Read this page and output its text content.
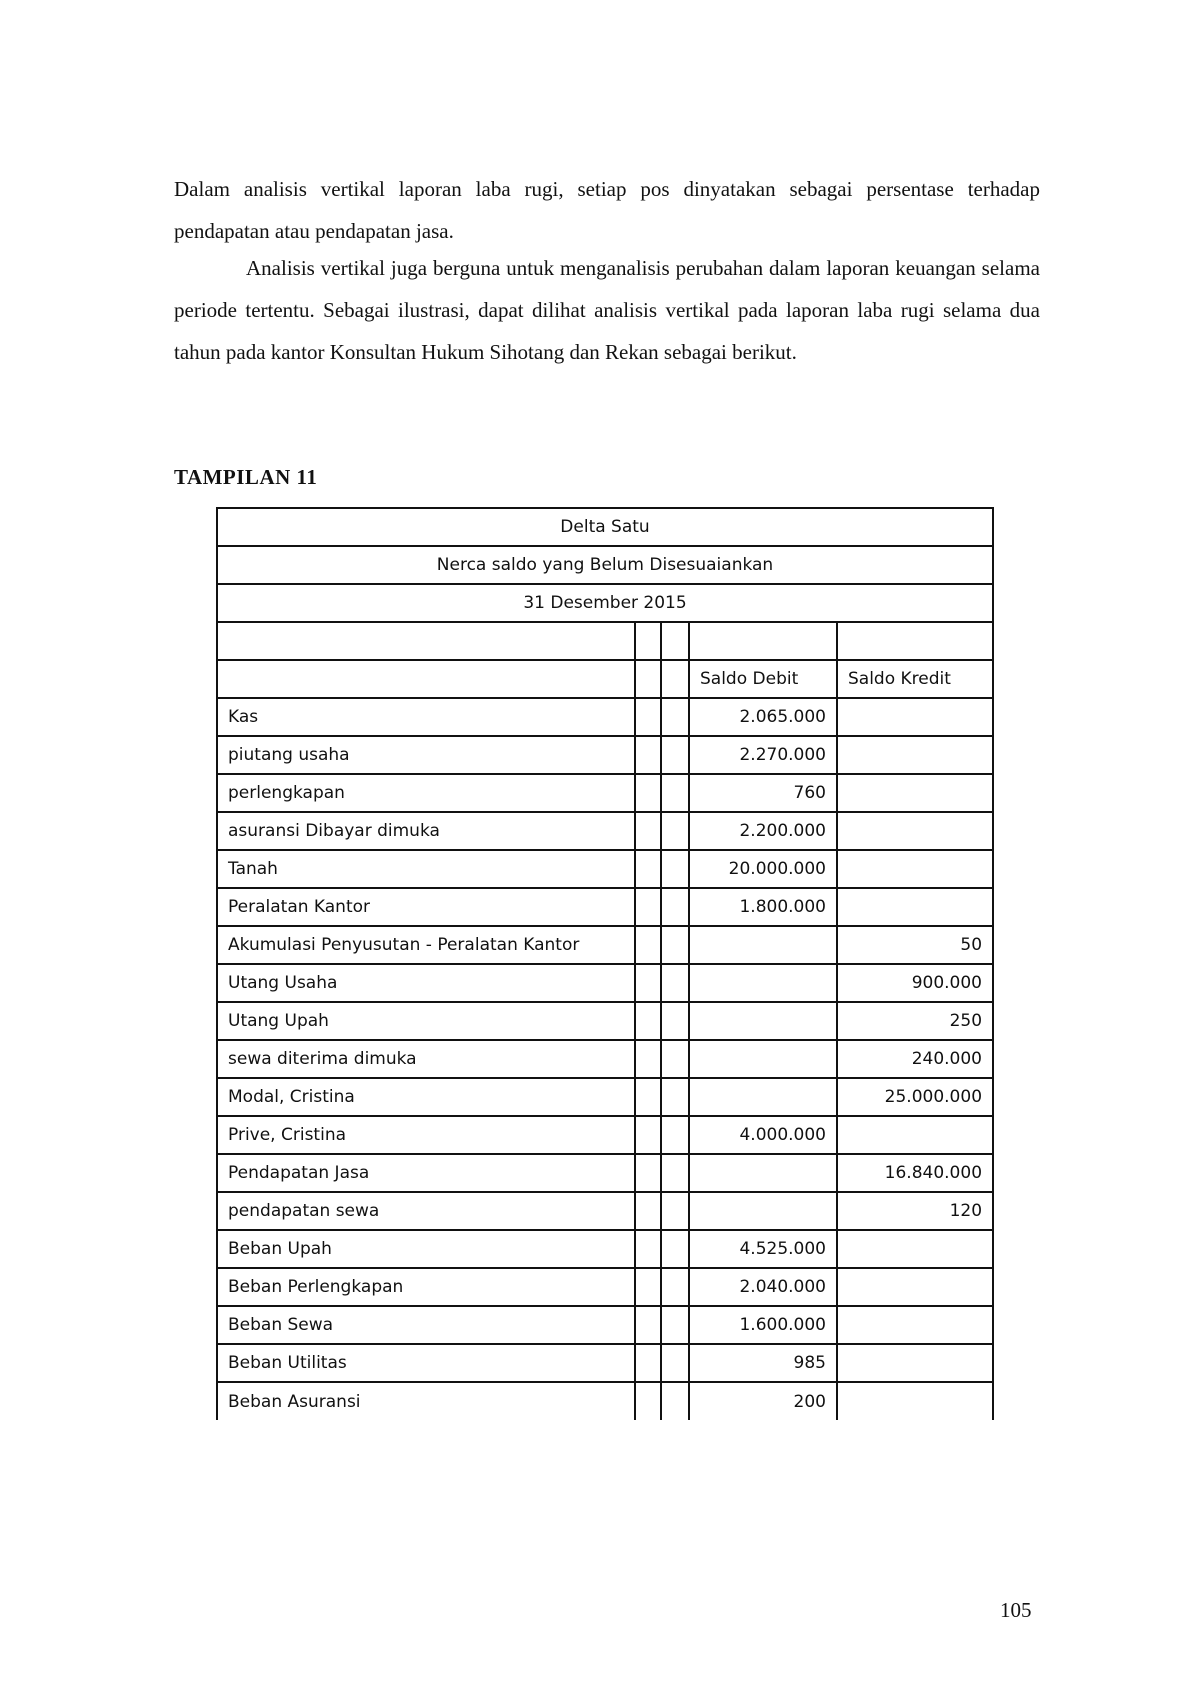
Dalam analisis vertikal laporan laba rugi, setiap pos dinyatakan sebagai persentase terhadap pendapatan atau pendapatan jasa.
Analisis vertikal juga berguna untuk menganalisis perubahan dalam laporan keuangan selama periode tertentu. Sebagai ilustrasi, dapat dilihat analisis vertikal pada laporan laba rugi selama dua tahun pada kantor Konsultan Hukum Sihotang dan Rekan sebagai berikut.
TAMPILAN 11
Delta Satu				
Nerca saldo yang Belum Disesuaiankan				
31 Desember 2015				

			Saldo Debit	Saldo Kredit
Kas			2.065.000	
piutang usaha			2.270.000	
perlengkapan			760	
asuransi Dibayar dimuka			2.200.000	
Tanah			20.000.000	
Peralatan Kantor			1.800.000	
Akumulasi Penyusutan - Peralatan Kantor				50
Utang Usaha				900.000
Utang Upah				250
sewa diterima dimuka				240.000
Modal, Cristina				25.000.000
Prive, Cristina			4.000.000	
Pendapatan Jasa				16.840.000
pendapatan sewa				120
Beban Upah			4.525.000	
Beban Perlengkapan			2.040.000	
Beban Sewa			1.600.000	
Beban Utilitas			985	
Beban Asuransi			200	
105
